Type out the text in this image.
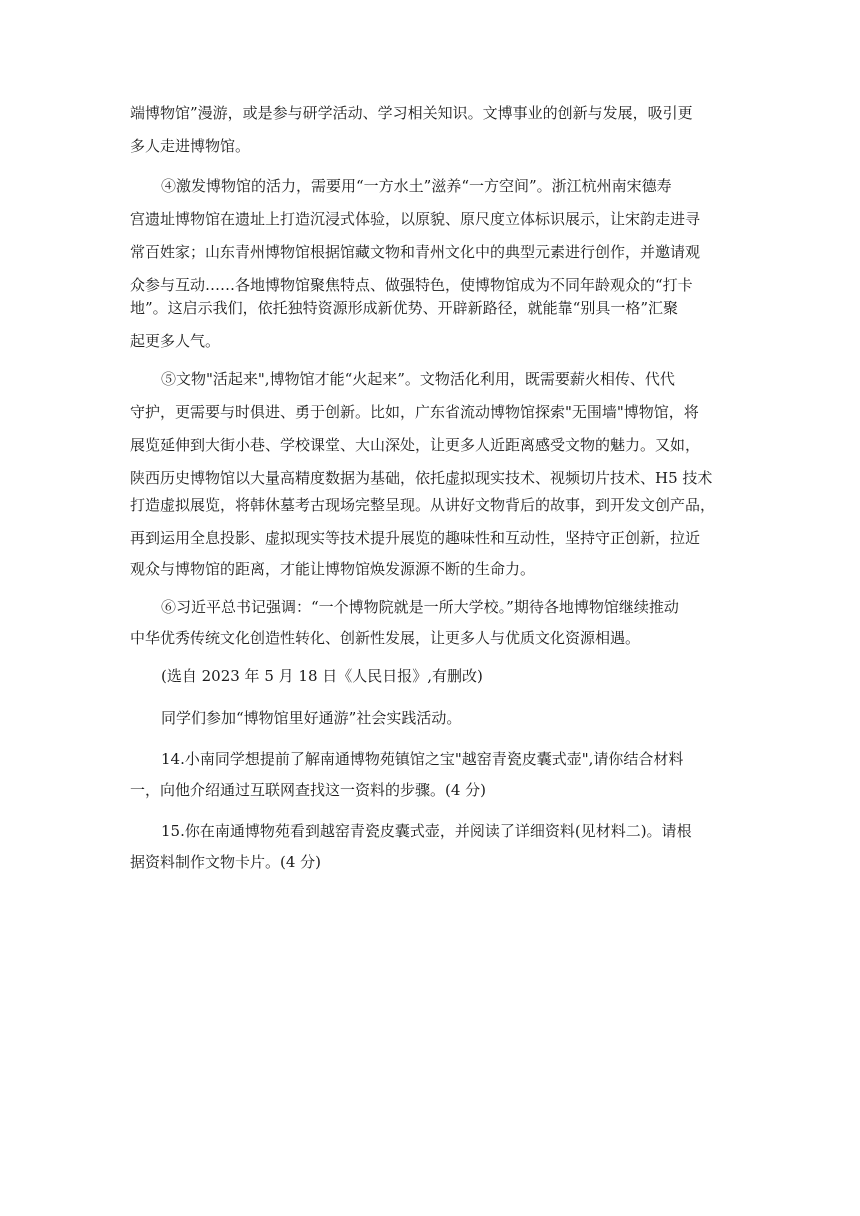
端博物馆”漫游，或是参与研学活动、学习相关知识。文博事业的创新与发展，吸引更
多人走进博物馆。
④激发博物馆的活力，需要用“一方水土”滋养“一方空间”。浙江杭州南宋德寿
宫遗址博物馆在遗址上打造沉浸式体验，以原貌、原尺度立体标识展示，让宋韵走进寻
常百姓家；山东青州博物馆根据馆藏文物和青州文化中的典型元素进行创作，并邀请观
众参与互动……各地博物馆聚焦特点、做强特色，使博物馆成为不同年龄观众的“打卡
地”。这启示我们，依托独特资源形成新优势、开辟新路径，就能靠“别具一格”汇聚
起更多人气。
⑤文物"活起来",博物馆才能“火起来”。文物活化利用，既需要薪火相传、代代
守护，更需要与时俱进、勇于创新。比如，广东省流动博物馆探索"无围墙"博物馆，将
展览延伸到大街小巷、学校课堂、大山深处，让更多人近距离感受文物的魅力。又如，
陕西历史博物馆以大量高精度数据为基础，依托虚拟现实技术、视频切片技术、H5 技术
打造虚拟展览，将韩休墓考古现场完整呈现。从讲好文物背后的故事，到开发文创产品，
再到运用全息投影、虚拟现实等技术提升展览的趣味性和互动性，坚持守正创新，拉近
观众与博物馆的距离，才能让博物馆焕发源源不断的生命力。
⑥习近平总书记强调：“一个博物院就是一所大学校。”期待各地博物馆继续推动
中华优秀传统文化创造性转化、创新性发展，让更多人与优质文化资源相遇。
(选自 2023 年 5 月 18 日《人民日报》,有删改)
同学们参加“博物馆里好通游”社会实践活动。
14.小南同学想提前了解南通博物苑镇馆之宝"越窑青瓷皮囊式壶",请你结合材料
一，向他介绍通过互联网查找这一资料的步骤。(4 分)
15.你在南通博物苑看到越窑青瓷皮囊式壶，并阅读了详细资料(见材料二)。请根
据资料制作文物卡片。(4 分)
